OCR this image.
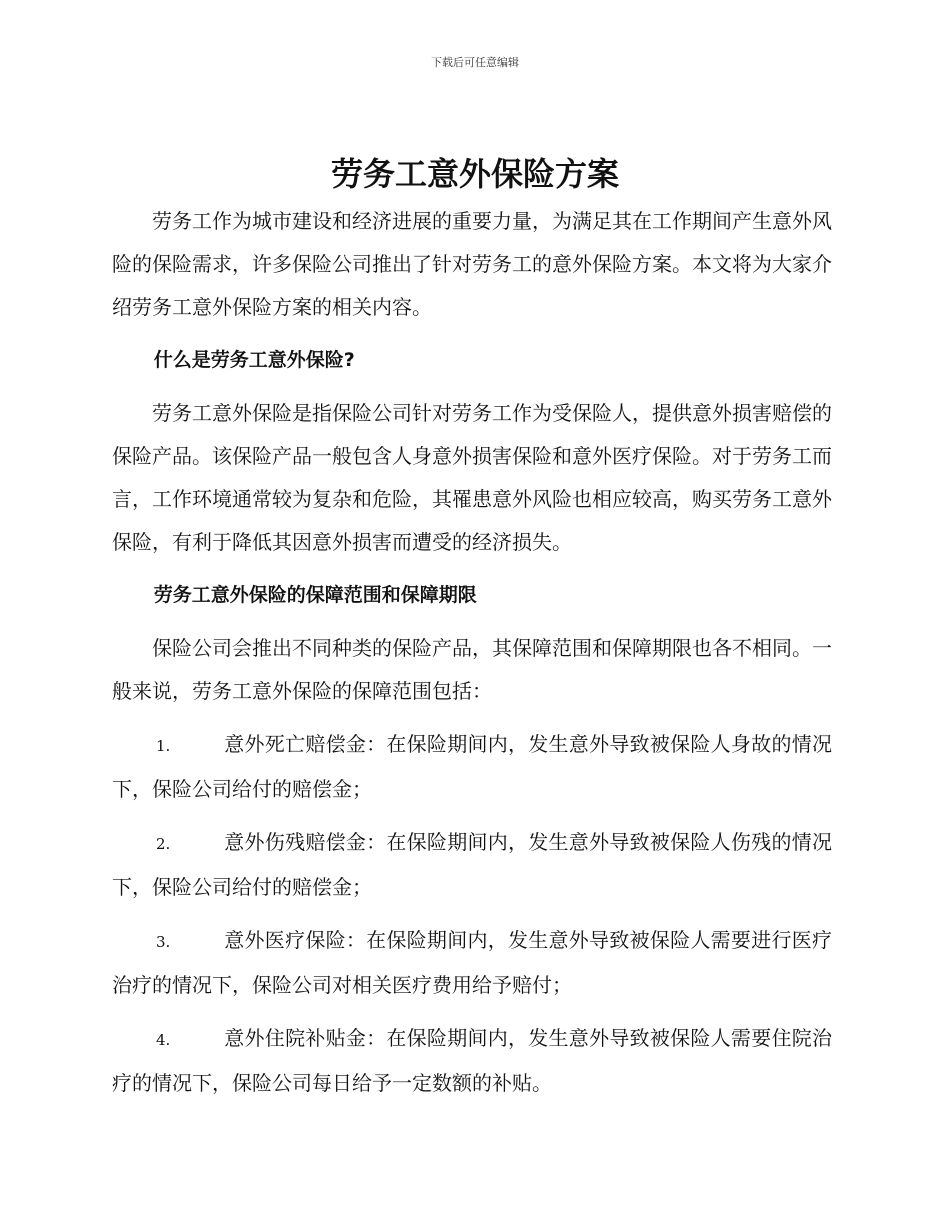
下载后可任意编辑
劳务工意外保险方案

劳务工作为城市建设和经济进展的重要力量，为满足其在工作期间产生意外风险的保险需求，许多保险公司推出了针对劳务工的意外保险方案。本文将为大家介绍劳务工意外保险方案的相关内容。

什么是劳务工意外保险?

劳务工意外保险是指保险公司针对劳务工作为受保险人，提供意外损害赔偿的保险产品。该保险产品一般包含人身意外损害保险和意外医疗保险。对于劳务工而言，工作环境通常较为复杂和危险，其罹患意外风险也相应较高，购买劳务工意外保险，有利于降低其因意外损害而遭受的经济损失。

劳务工意外保险的保障范围和保障期限

保险公司会推出不同种类的保险产品，其保障范围和保障期限也各不相同。一般来说，劳务工意外保险的保障范围包括：

1.	意外死亡赔偿金：在保险期间内，发生意外导致被保险人身故的情况下，保险公司给付的赔偿金；

2.	意外伤残赔偿金：在保险期间内，发生意外导致被保险人伤残的情况下，保险公司给付的赔偿金；

3.	意外医疗保险：在保险期间内，发生意外导致被保险人需要进行医疗治疗的情况下，保险公司对相关医疗费用给予赔付；

4.	意外住院补贴金：在保险期间内，发生意外导致被保险人需要住院治疗的情况下，保险公司每日给予一定数额的补贴。
